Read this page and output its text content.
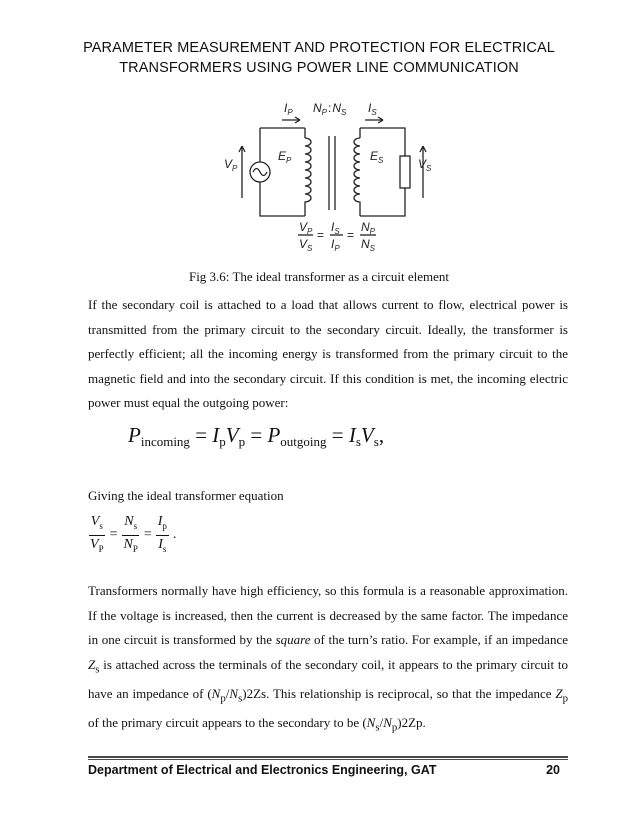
PARAMETER MEASUREMENT AND PROTECTION FOR ELECTRICAL
TRANSFORMERS USING POWER LINE COMMUNICATION
$I_P$ $N_P:N_S$ $I_S$
$V_P$
$E_P$	$E_S$	$V_S$
$V_P$
$V_S$
=
$I_S$
$I_P$
=
$N_P$
$N_S$
Fig 3.6: The ideal transformer as a circuit element

If the secondary coil is attached to a load that allows current to flow, electrical power is transmitted from the primary circuit to the secondary circuit. Ideally, the transformer is perfectly efficient; all the incoming energy is transformed from the primary circuit to the magnetic field and into the secondary circuit. If this condition is met, the incoming electric power must equal the outgoing power:

$P_{incoming} = I_pV_p = P_{outgoing} = I_sV_s$,
Giving the ideal transformer equation
$\frac{V_s}{V_P} = \frac{N_s}{N_P} = \frac{I_p}{I_s}$ .

Transformers normally have high efficiency, so this formula is a reasonable approximation. If the voltage is increased, then the current is decreased by the same factor. The impedance in one circuit is transformed by the square of the turn’s ratio. For example, if an impedance $Z_s$ is attached across the terminals of the secondary coil, it appears to the primary circuit to have an impedance of $(N_p/N_s)2Zs$. This relationship is reciprocal, so that the impedance $Z_p$ of the primary circuit appears to the secondary to be $(N_s/N_p)2Zp$.

Department of Electrical and Electronics Engineering, GAT	20
